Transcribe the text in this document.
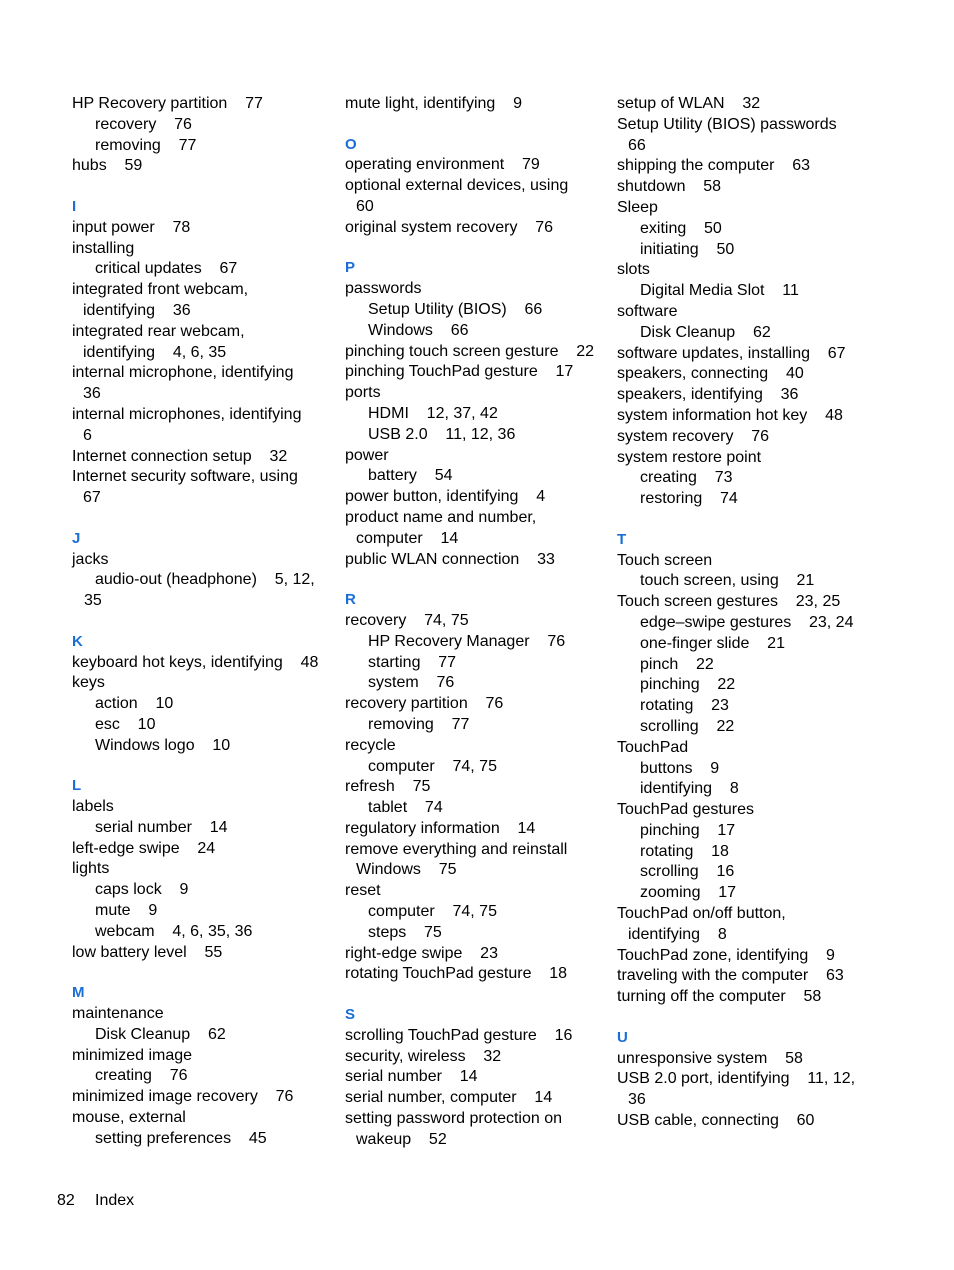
HP Recovery partition    77
recovery    76
removing    77
hubs    59
I
input power    78
installing
critical updates    67
integrated front webcam,
identifying    36
integrated rear webcam,
identifying    4, 6, 35
internal microphone, identifying
36
internal microphones, identifying
6
Internet connection setup    32
Internet security software, using
67
J
jacks
audio-out (headphone)    5, 12,
35
K
keyboard hot keys, identifying    48
keys
action    10
esc    10
Windows logo    10
L
labels
serial number    14
left-edge swipe    24
lights
caps lock    9
mute    9
webcam    4, 6, 35, 36
low battery level    55
M
maintenance
Disk Cleanup    62
minimized image
creating    76
minimized image recovery    76
mouse, external
setting preferences    45
mute light, identifying    9
O
operating environment    79
optional external devices, using
60
original system recovery    76
P
passwords
Setup Utility (BIOS)    66
Windows    66
pinching touch screen gesture    22
pinching TouchPad gesture    17
ports
HDMI    12, 37, 42
USB 2.0    11, 12, 36
power
battery    54
power button, identifying    4
product name and number,
computer    14
public WLAN connection    33
R
recovery    74, 75
HP Recovery Manager    76
starting    77
system    76
recovery partition    76
removing    77
recycle
computer    74, 75
refresh    75
tablet    74
regulatory information    14
remove everything and reinstall
Windows    75
reset
computer    74, 75
steps    75
right-edge swipe    23
rotating TouchPad gesture    18
S
scrolling TouchPad gesture    16
security, wireless    32
serial number    14
serial number, computer    14
setting password protection on
wakeup    52
setup of WLAN    32
Setup Utility (BIOS) passwords
66
shipping the computer    63
shutdown    58
Sleep
exiting    50
initiating    50
slots
Digital Media Slot    11
software
Disk Cleanup    62
software updates, installing    67
speakers, connecting    40
speakers, identifying    36
system information hot key    48
system recovery    76
system restore point
creating    73
restoring    74
T
Touch screen
touch screen, using    21
Touch screen gestures    23, 25
edge–swipe gestures    23, 24
one-finger slide    21
pinch    22
pinching    22
rotating    23
scrolling    22
TouchPad
buttons    9
identifying    8
TouchPad gestures
pinching    17
rotating    18
scrolling    16
zooming    17
TouchPad on/off button,
identifying    8
TouchPad zone, identifying    9
traveling with the computer    63
turning off the computer    58
U
unresponsive system    58
USB 2.0 port, identifying    11, 12,
36
USB cable, connecting    60
82 Index
